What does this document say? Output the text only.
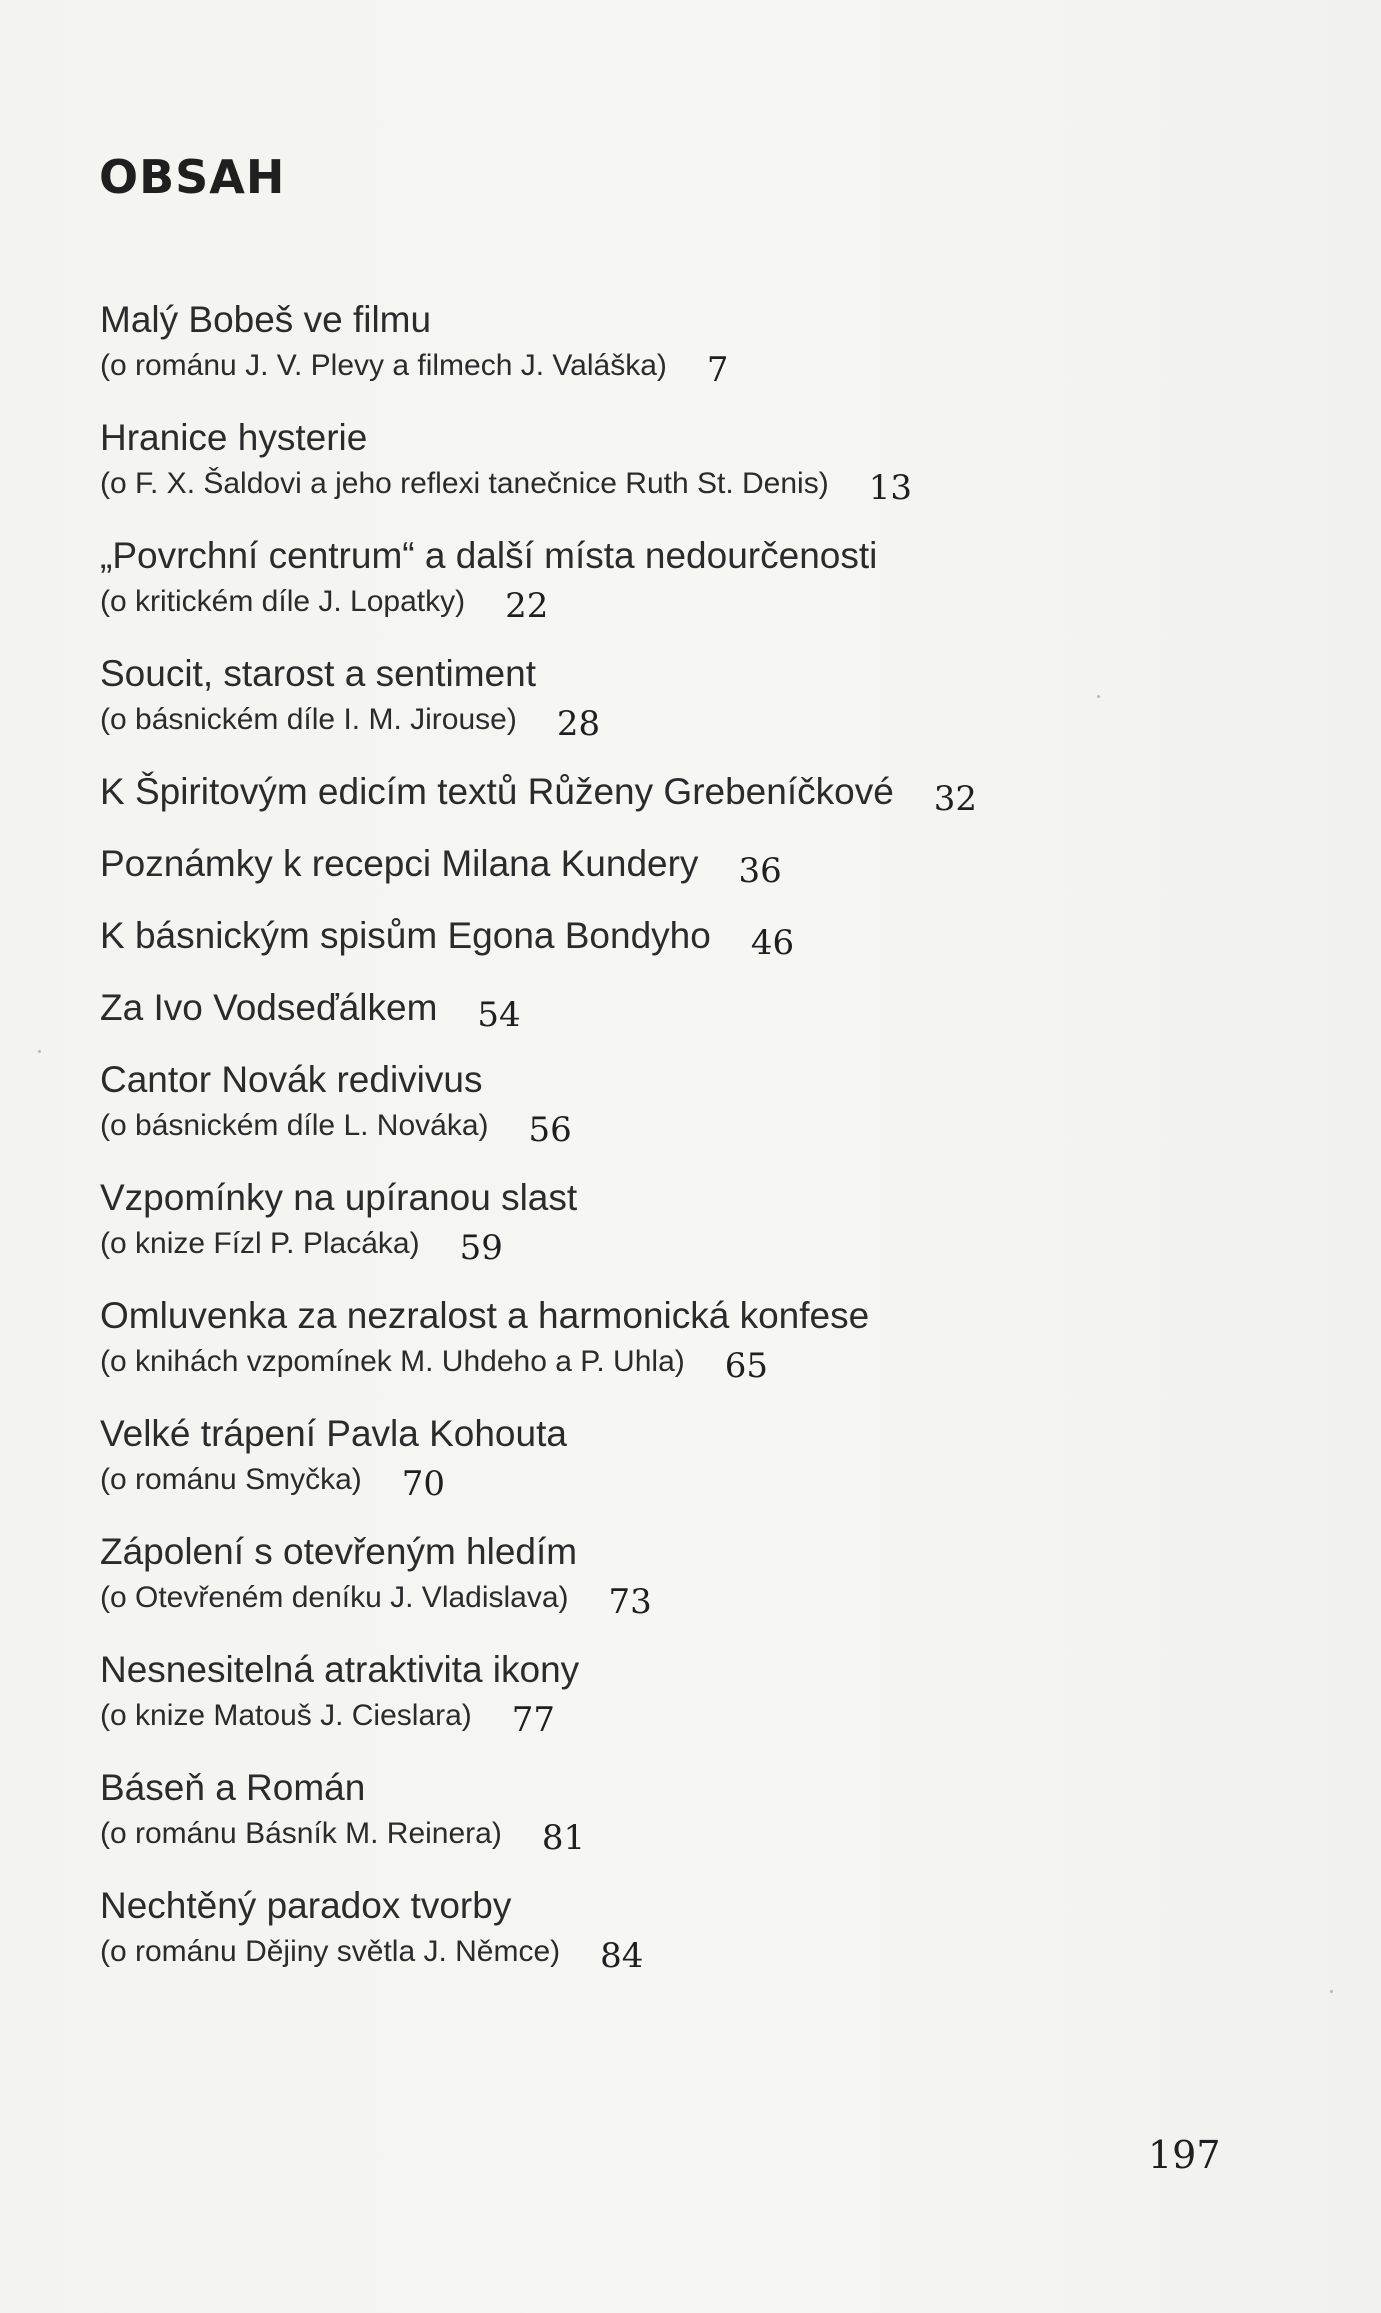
OBSAH
Malý Bobeš ve filmu
(o románu J. V. Plevy a filmech J. Valáška) 7
Hranice hysterie
(o F. X. Šaldovi a jeho reflexi tanečnice Ruth St. Denis) 13
„Povrchní centrum“ a další místa nedourčenosti
(o kritickém díle J. Lopatky) 22
Soucit, starost a sentiment
(o básnickém díle I. M. Jirouse) 28
K Špiritovým edicím textů Růženy Grebeníčkové 32
Poznámky k recepci Milana Kundery 36
K básnickým spisům Egona Bondyho 46
Za Ivo Vodseďálkem 54
Cantor Novák redivivus
(o básnickém díle L. Nováka) 56
Vzpomínky na upíranou slast
(o knize Fízl P. Placáka) 59
Omluvenka za nezralost a harmonická konfese
(o knihách vzpomínek M. Uhdeho a P. Uhla) 65
Velké trápení Pavla Kohouta
(o románu Smyčka) 70
Zápolení s otevřeným hledím
(o Otevřeném deníku J. Vladislava) 73
Nesnesitelná atraktivita ikony
(o knize Matouš J. Cieslara) 77
Báseň a Román
(o románu Básník M. Reinera) 81
Nechtěný paradox tvorby
(o románu Dějiny světla J. Němce) 84
197
